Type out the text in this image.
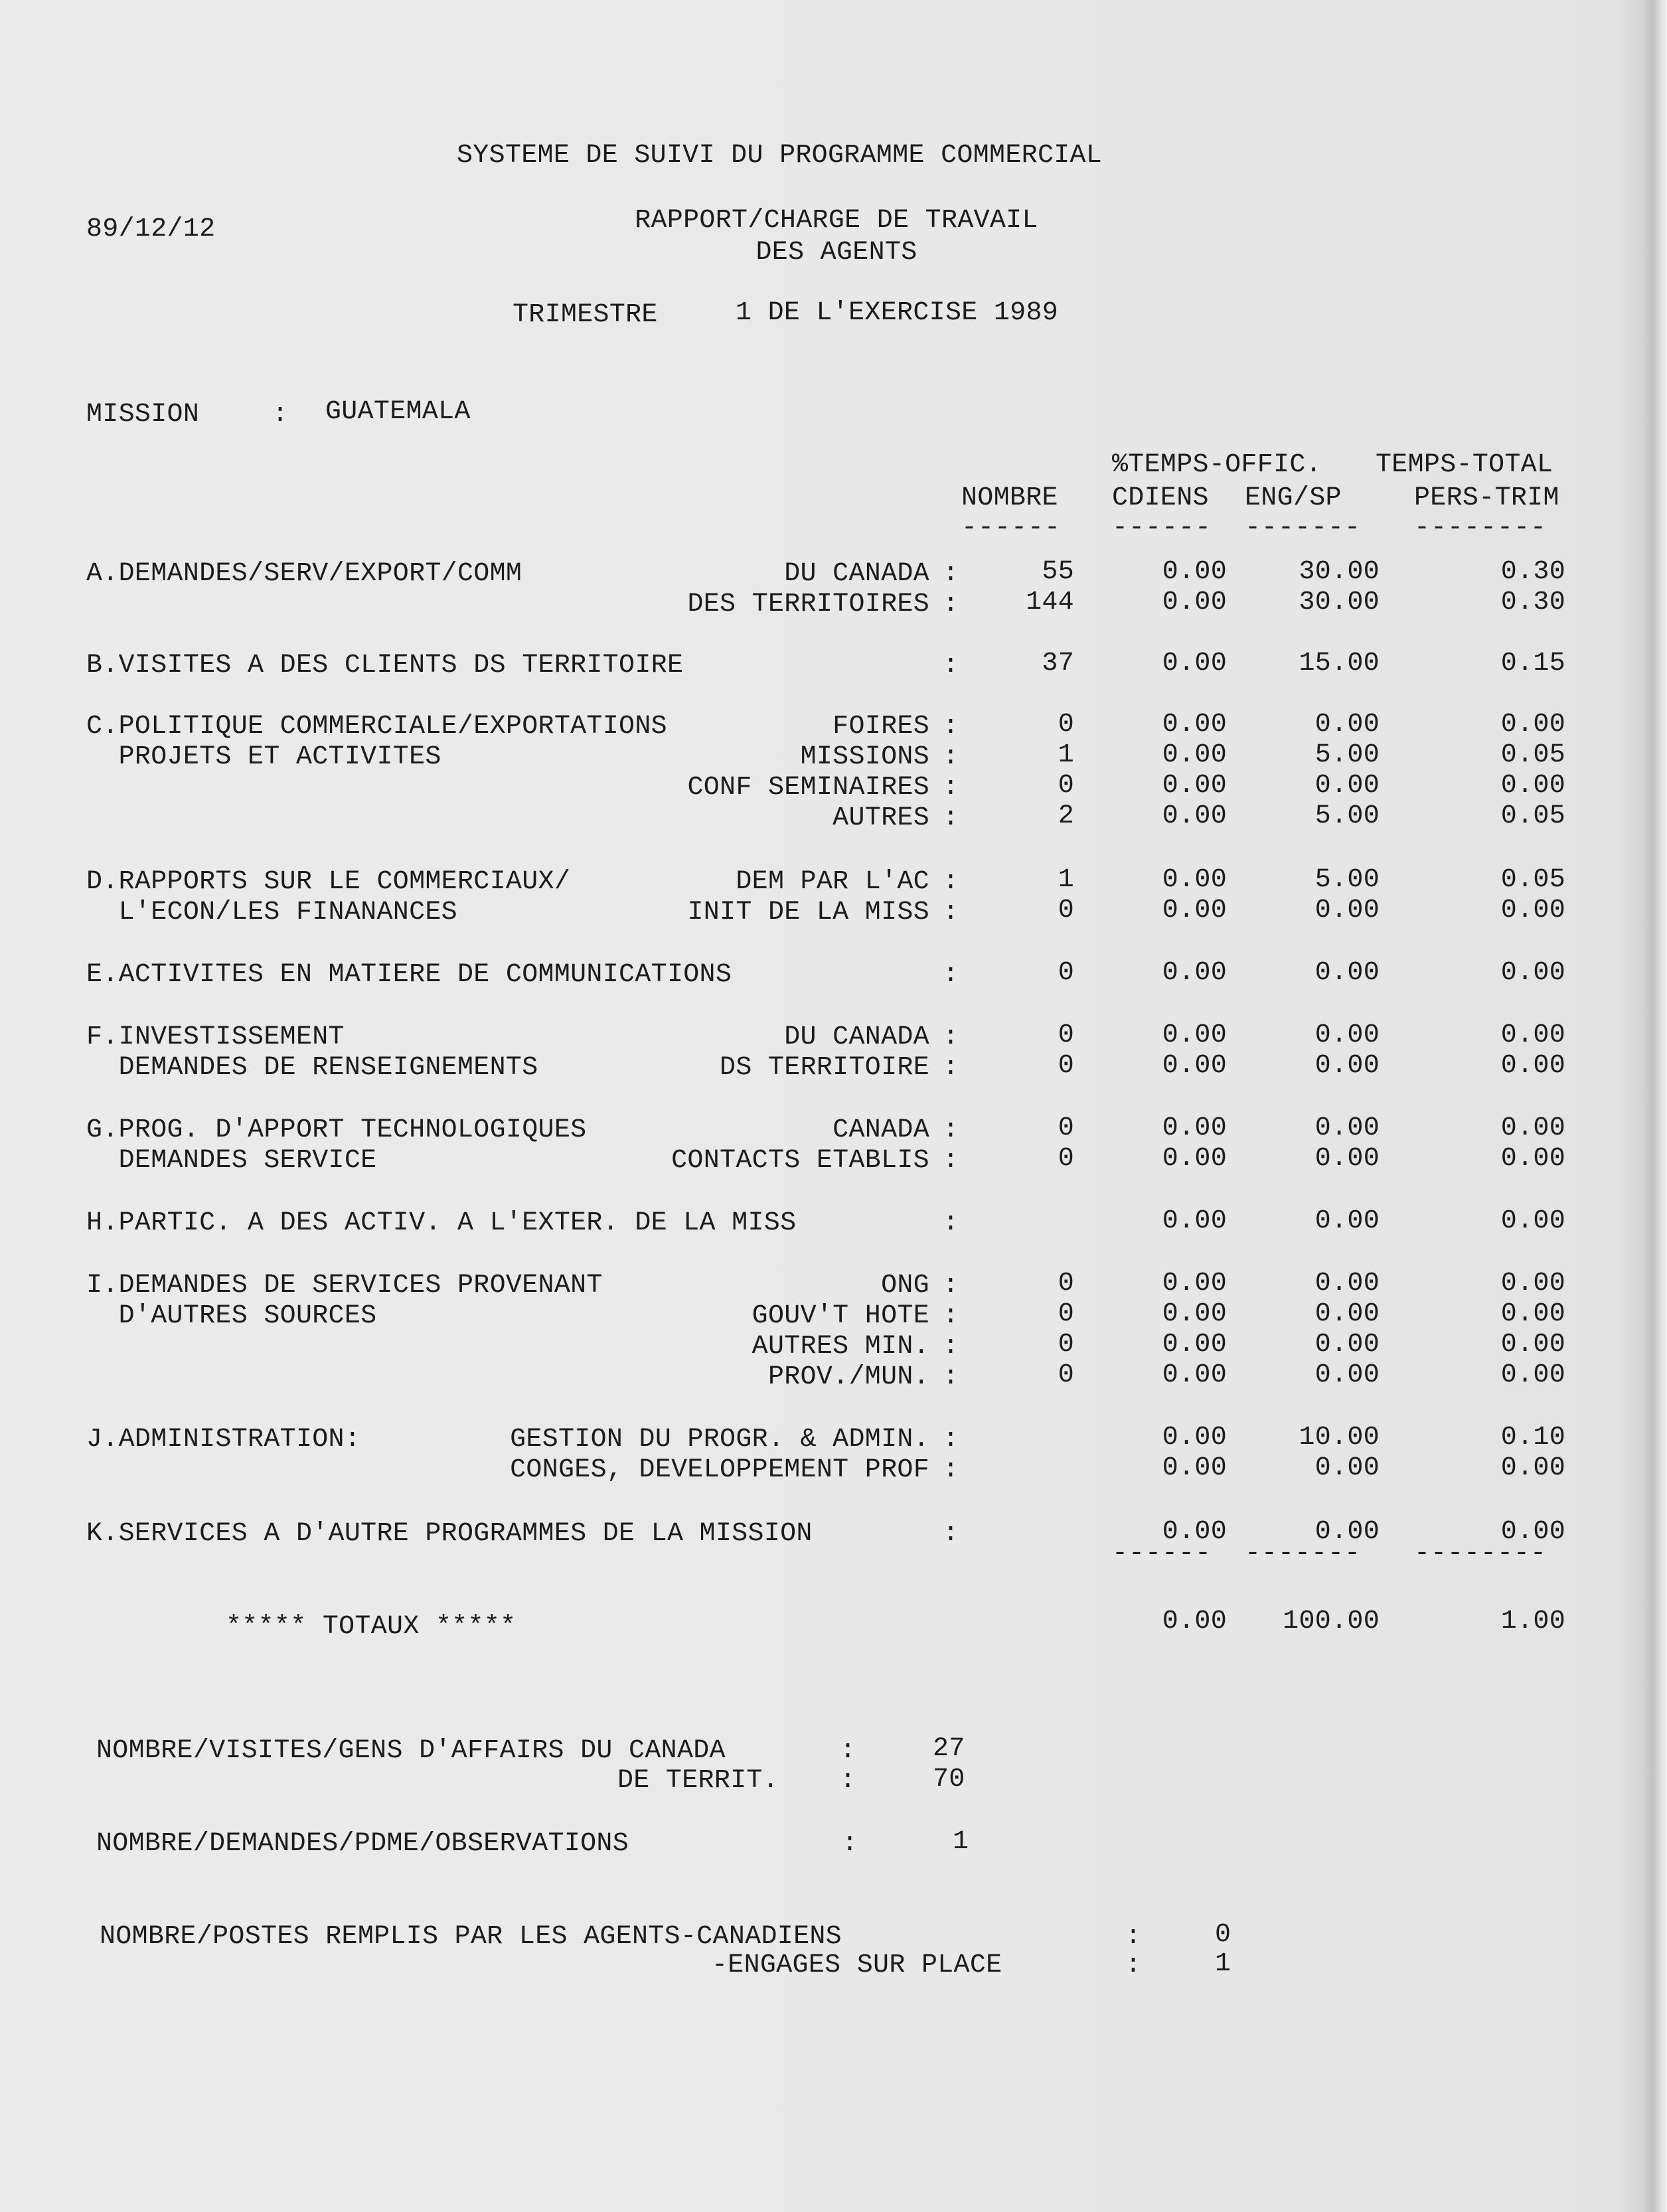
SYSTEME DE SUIVI DU PROGRAMME COMMERCIAL
89/12/12	RAPPORT/CHARGE DE TRAVAIL
DES AGENTS
TRIMESTRE	1 DE L'EXERCISE 1989
MISSION	: GUATEMALA
%TEMPS-OFFIC. TEMPS-TOTAL
NOMBRE CDIENS ENG/SP	PERS-TRIM
------ ------ ------- --------
A.DEMANDES/SERV/EXPORT/COMM	DU CANADA :	55	0.00	30.00	0.30
DES TERRITOIRES :	144	0.00	30.00	0.30
B.VISITES A DES CLIENTS DS TERRITOIRE	:	37	0.00	15.00	0.15
C.POLITIQUE COMMERCIALE/EXPORTATIONS	FOIRES :	0	0.00	0.00	0.00
PROJETS ET ACTIVITES	MISSIONS :	1	0.00	5.00	0.05
CONF SEMINAIRES :	0	0.00	0.00	0.00
AUTRES :	2	0.00	5.00	0.05
D.RAPPORTS SUR LE COMMERCIAUX/	DEM PAR L'AC :	1	0.00	5.00	0.05
L'ECON/LES FINANANCES	INIT DE LA MISS :	0	0.00	0.00	0.00
E.ACTIVITES EN MATIERE DE COMMUNICATIONS	:	0	0.00	0.00	0.00
F.INVESTISSEMENT	DU CANADA :	0	0.00	0.00	0.00
DEMANDES DE RENSEIGNEMENTS	DS TERRITOIRE :	0	0.00	0.00	0.00
G.PROG. D'APPORT TECHNOLOGIQUES	CANADA :	0	0.00	0.00	0.00
DEMANDES SERVICE	CONTACTS ETABLIS :	0	0.00	0.00	0.00
H.PARTIC. A DES ACTIV. A L'EXTER. DE LA MISS	:	0.00	0.00	0.00
I.DEMANDES DE SERVICES PROVENANT	ONG :	0	0.00	0.00	0.00
D'AUTRES SOURCES	GOUV'T HOTE :	0	0.00	0.00	0.00
AUTRES MIN. :	0	0.00	0.00	0.00
PROV./MUN. :	0	0.00	0.00	0.00
J.ADMINISTRATION:	GESTION DU PROGR. & ADMIN. :	0.00	10.00	0.10
CONGES, DEVELOPPEMENT PROF :	0.00	0.00	0.00
K.SERVICES A D'AUTRE PROGRAMMES DE LA MISSION	:	0.00	0.00	0.00
------ ------- --------
***** TOTAUX *****	0.00	100.00	1.00
NOMBRE/VISITES/GENS D'AFFAIRS DU CANADA	:	27
DE TERRIT. :	70
NOMBRE/DEMANDES/PDME/OBSERVATIONS	:	1
NOMBRE/POSTES REMPLIS PAR LES AGENTS-CANADIENS	:	0
-ENGAGES SUR PLACE	:	1
